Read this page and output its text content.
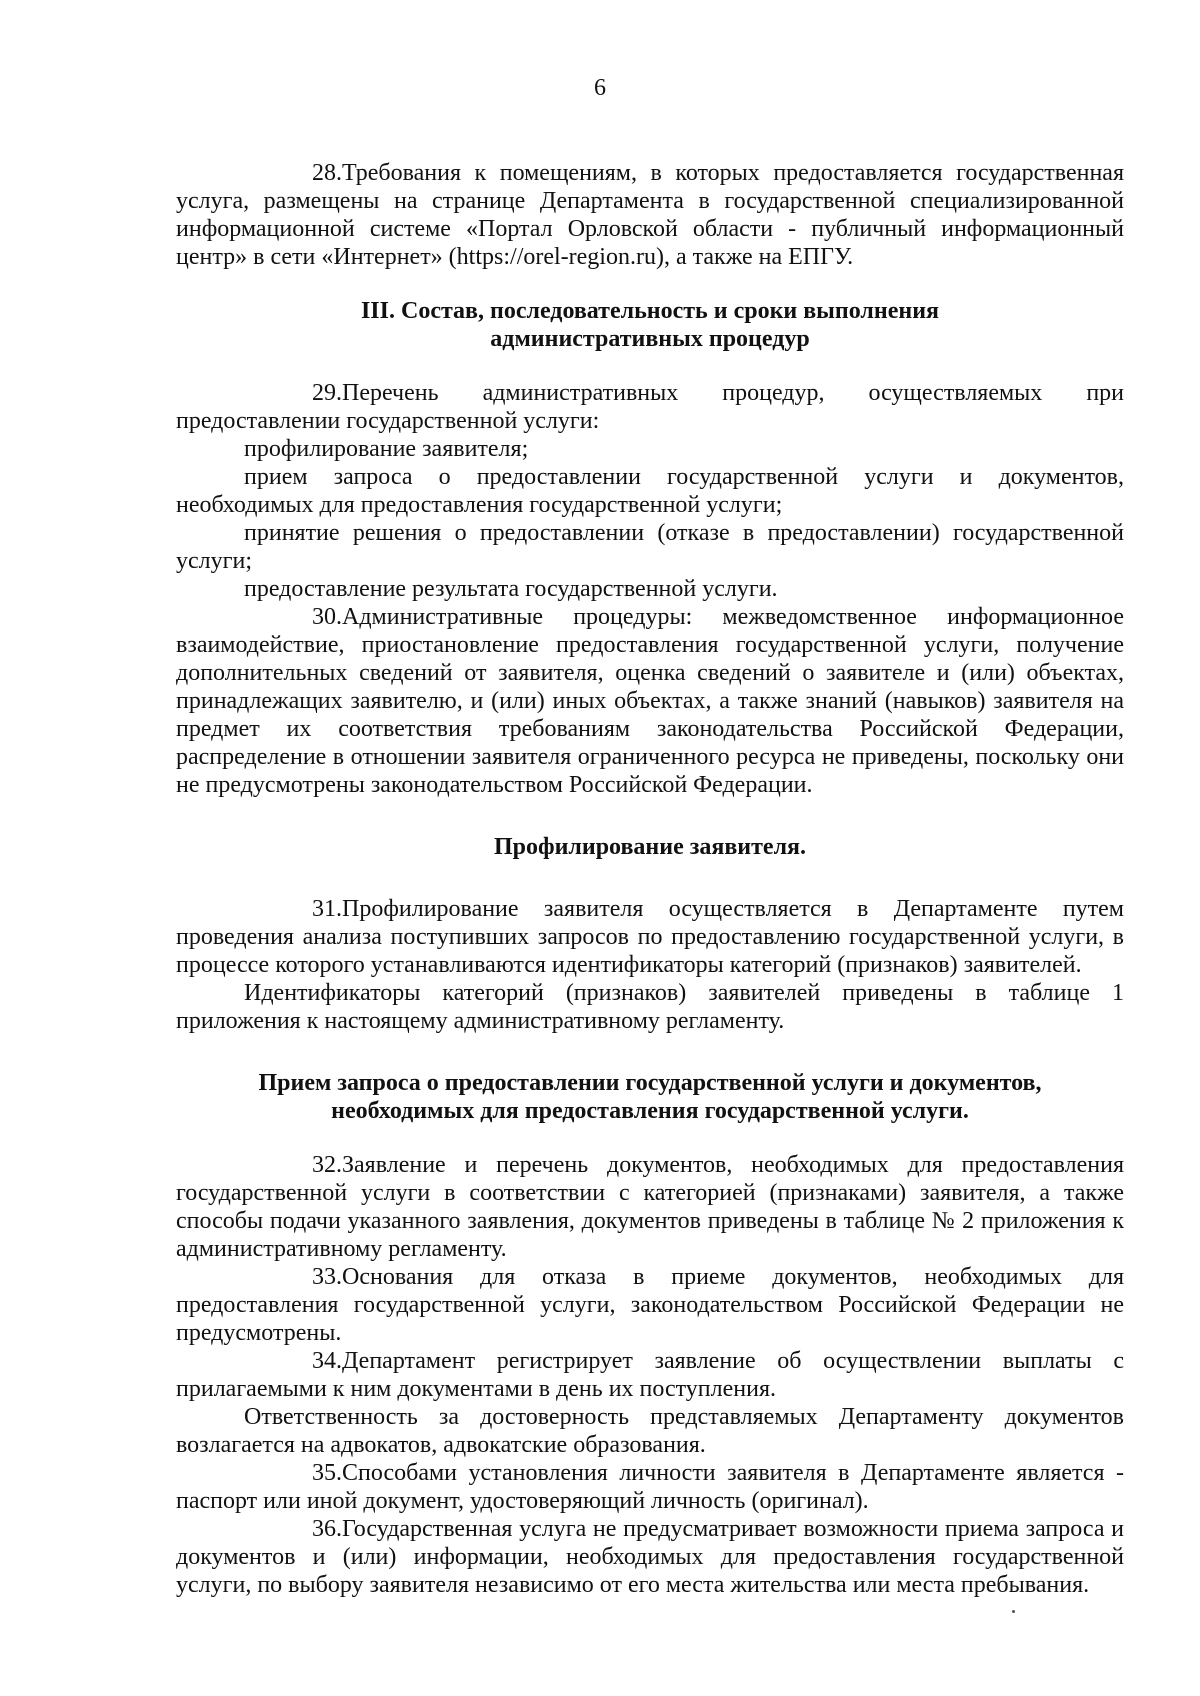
6

28.Требования к помещениям, в которых предоставляется государственная услуга, размещены на странице Департамента в государственной специализированной информационной системе «Портал Орловской области - публичный информационный центр» в сети «Интернет» (https://orel-region.ru), а также на ЕПГУ.

III. Состав, последовательность и сроки выполнения
административных процедур

29.Перечень административных процедур, осуществляемых при предоставлении государственной услуги:

профилирование заявителя;

прием запроса о предоставлении государственной услуги и документов, необходимых для предоставления государственной услуги;

принятие решения о предоставлении (отказе в предоставлении) государственной услуги;

предоставление результата государственной услуги.

30.Административные процедуры: межведомственное информационное взаимодействие, приостановление предоставления государственной услуги, получение дополнительных сведений от заявителя, оценка сведений о заявителе и (или) объектах, принадлежащих заявителю, и (или) иных объектах, а также знаний (навыков) заявителя на предмет их соответствия требованиям законодательства Российской Федерации, распределение в отношении заявителя ограниченного ресурса не приведены, поскольку они не предусмотрены законодательством Российской Федерации.

Профилирование заявителя.

31.Профилирование заявителя осуществляется в Департаменте путем проведения анализа поступивших запросов по предоставлению государственной услуги, в процессе которого устанавливаются идентификаторы категорий (признаков) заявителей.

Идентификаторы категорий (признаков) заявителей приведены в таблице 1 приложения к настоящему административному регламенту.

Прием запроса о предоставлении государственной услуги и документов,
необходимых для предоставления государственной услуги.

32.Заявление и перечень документов, необходимых для предоставления государственной услуги в соответствии с категорией (признаками) заявителя, а также способы подачи указанного заявления, документов приведены в таблице № 2 приложения к административному регламенту.

33.Основания для отказа в приеме документов, необходимых для предоставления государственной услуги, законодательством Российской Федерации не предусмотрены.

34.Департамент регистрирует заявление об осуществлении выплаты с прилагаемыми к ним документами в день их поступления.

Ответственность за достоверность представляемых Департаменту документов возлагается на адвокатов, адвокатские образования.

35.Способами установления личности заявителя в Департаменте является - паспорт или иной документ, удостоверяющий личность (оригинал).

36.Государственная услуга не предусматривает возможности приема запроса и документов и (или) информации, необходимых для предоставления государственной услуги, по выбору заявителя независимо от его места жительства или места пребывания.
